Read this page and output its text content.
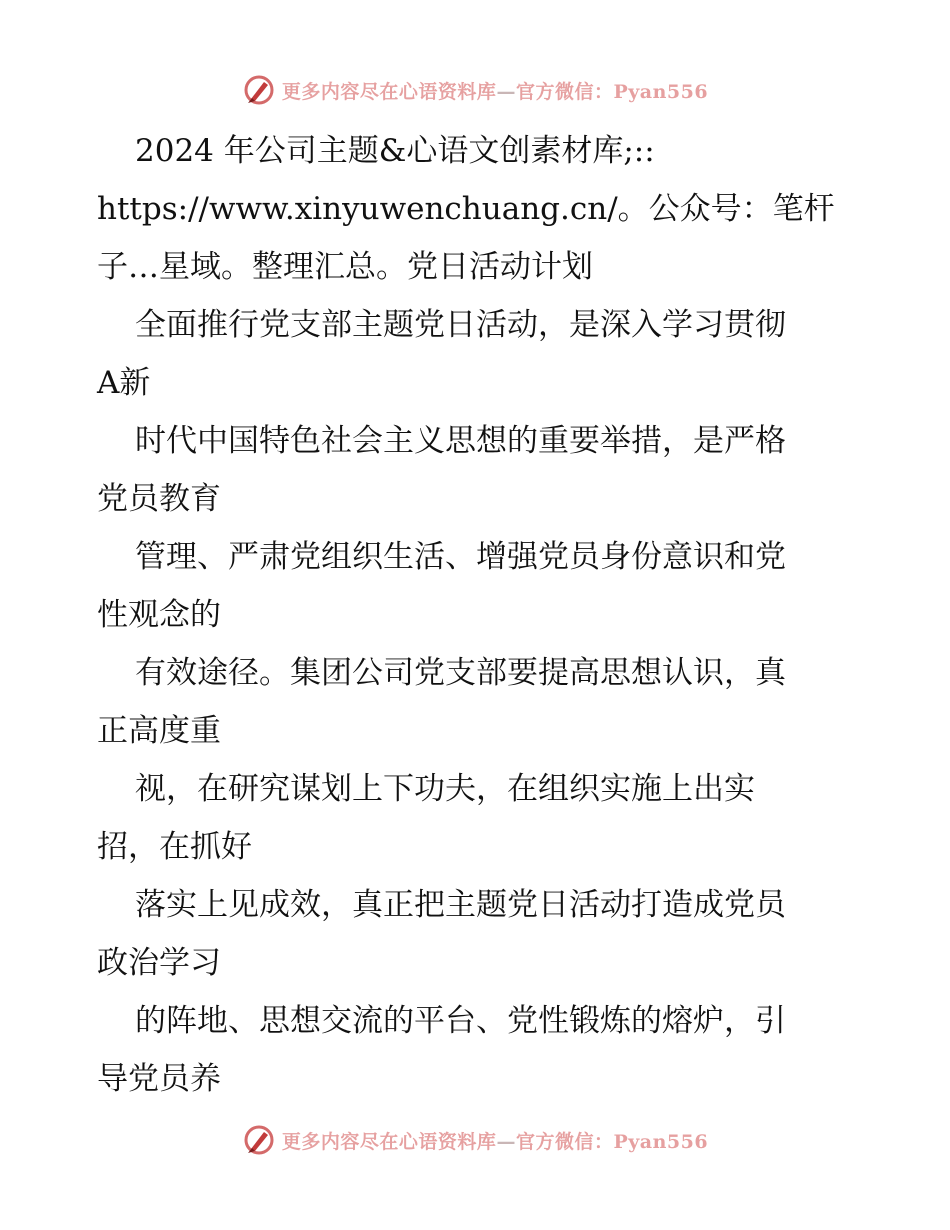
更多内容尽在心语资料库—官方微信：Pyan556
2024 年公司主题&心语文创素材库;::
https://www.xinyuwenchuang.cn/。公众号：笔杆
子…星域。整理汇总。党日活动计划
全面推行党支部主题党日活动，是深入学习贯彻
A新
时代中国特色社会主义思想的重要举措，是严格
党员教育
管理、严肃党组织生活、增强党员身份意识和党
性观念的
有效途径。集团公司党支部要提高思想认识，真
正高度重
视，在研究谋划上下功夫，在组织实施上出实
招，在抓好
落实上见成效，真正把主题党日活动打造成党员
政治学习
的阵地、思想交流的平台、党性锻炼的熔炉，引
导党员养
更多内容尽在心语资料库—官方微信：Pyan556
